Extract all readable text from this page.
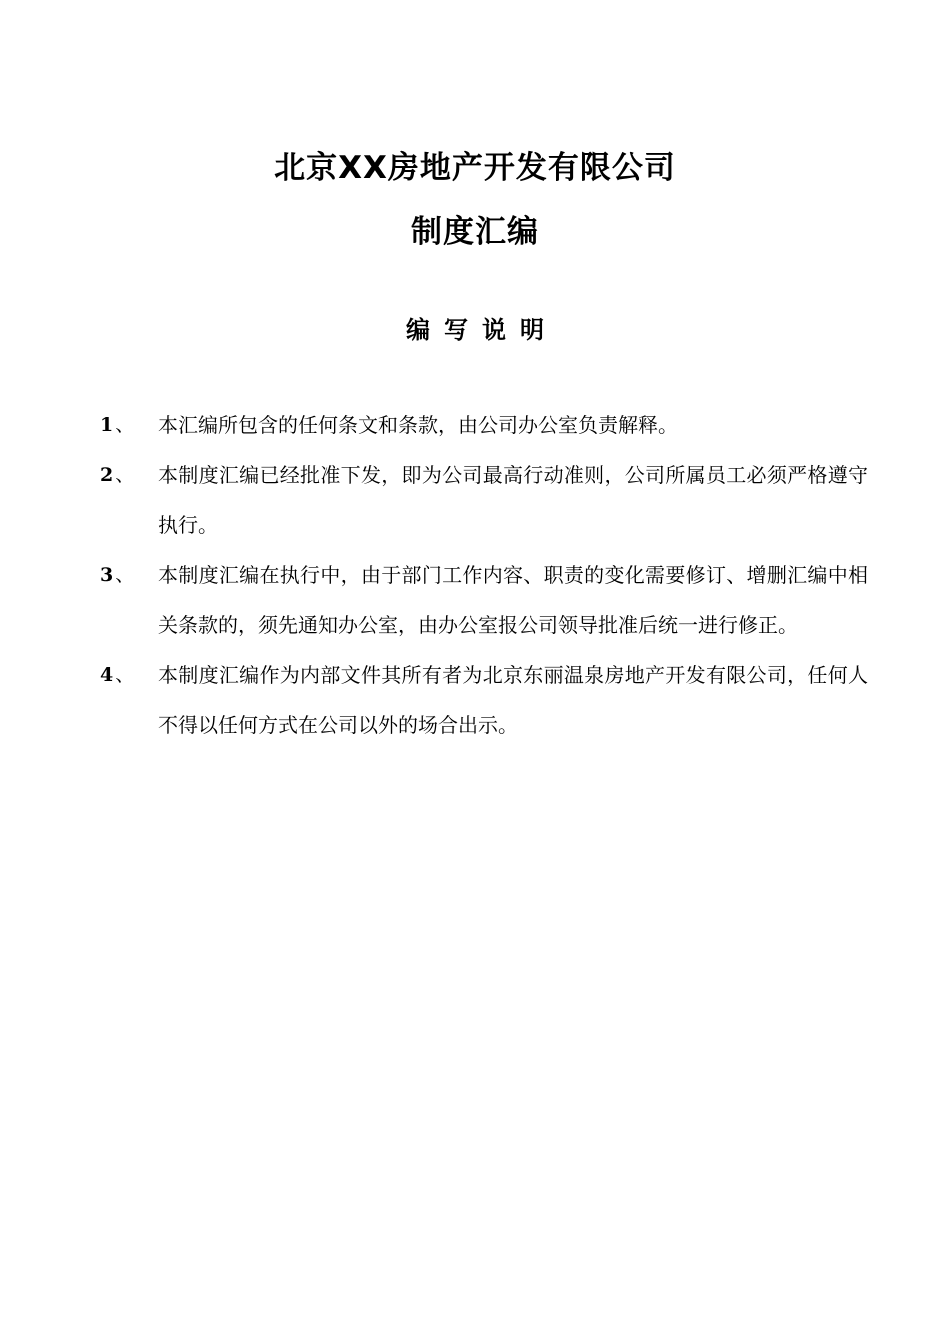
北京XX房地产开发有限公司
制度汇编
编写说明
1 、 本汇编所包含的任何条文和条款，由公司办公室负责解释。
2 、 本制度汇编已经批准下发，即为公司最高行动准则，公司所属员工必须严格遵守执行。
3 、 本制度汇编在执行中，由于部门工作内容、职责的变化需要修订、增删汇编中相关条款的，须先通知办公室，由办公室报公司领导批准后统一进行修正。
4 、 本制度汇编作为内部文件其所有者为北京东丽温泉房地产开发有限公司，任何人不得以任何方式在公司以外的场合出示。
